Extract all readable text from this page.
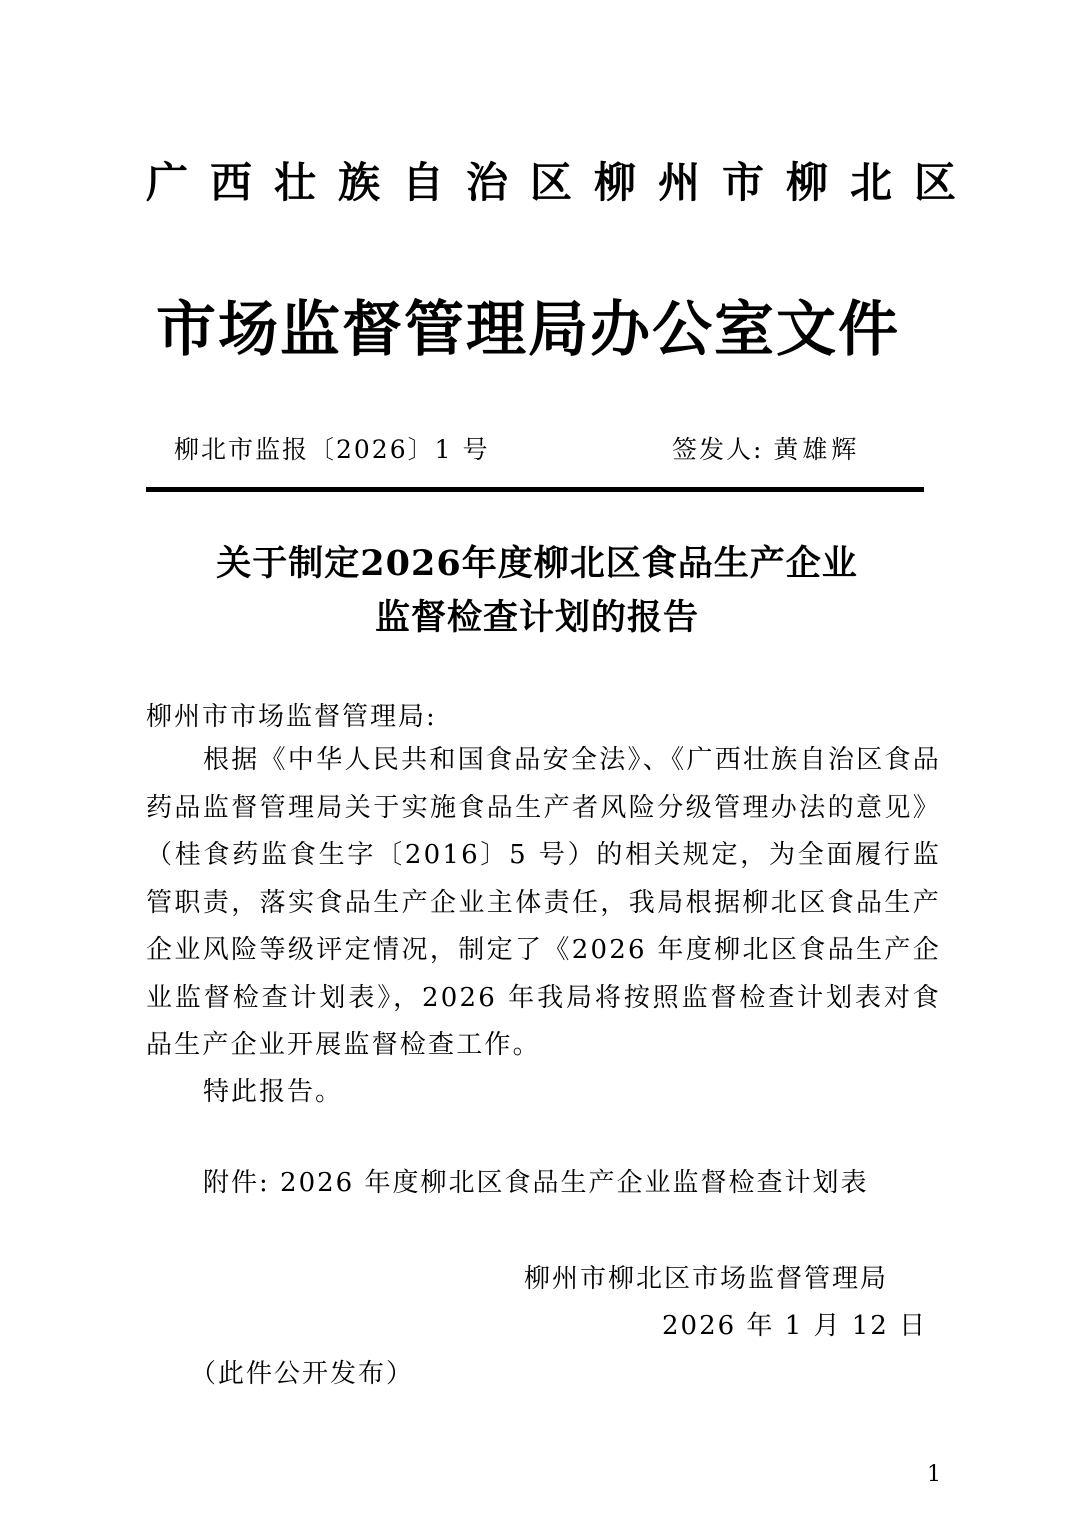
广西壮族自治区柳州市柳北区
市场监督管理局办公室文件
柳北市监报〔2026〕1 号	签发人: 黄雄辉
关于制定2026年度柳北区食品生产企业
监督检查计划的报告
柳州市市场监督管理局:
根据《中华人民共和国食品安全法》、《广西壮族自治区食品药品监督管理局关于实施食品生产者风险分级管理办法的意见》（桂食药监食生字〔2016〕5 号）的相关规定，为全面履行监管职责，落实食品生产企业主体责任，我局根据柳北区食品生产企业风险等级评定情况，制定了《2026 年度柳北区食品生产企业监督检查计划表》，2026 年我局将按照监督检查计划表对食品生产企业开展监督检查工作。
特此报告。
附件: 2026 年度柳北区食品生产企业监督检查计划表
柳州市柳北区市场监督管理局
2026 年 1 月 12 日
（此件公开发布）
1
